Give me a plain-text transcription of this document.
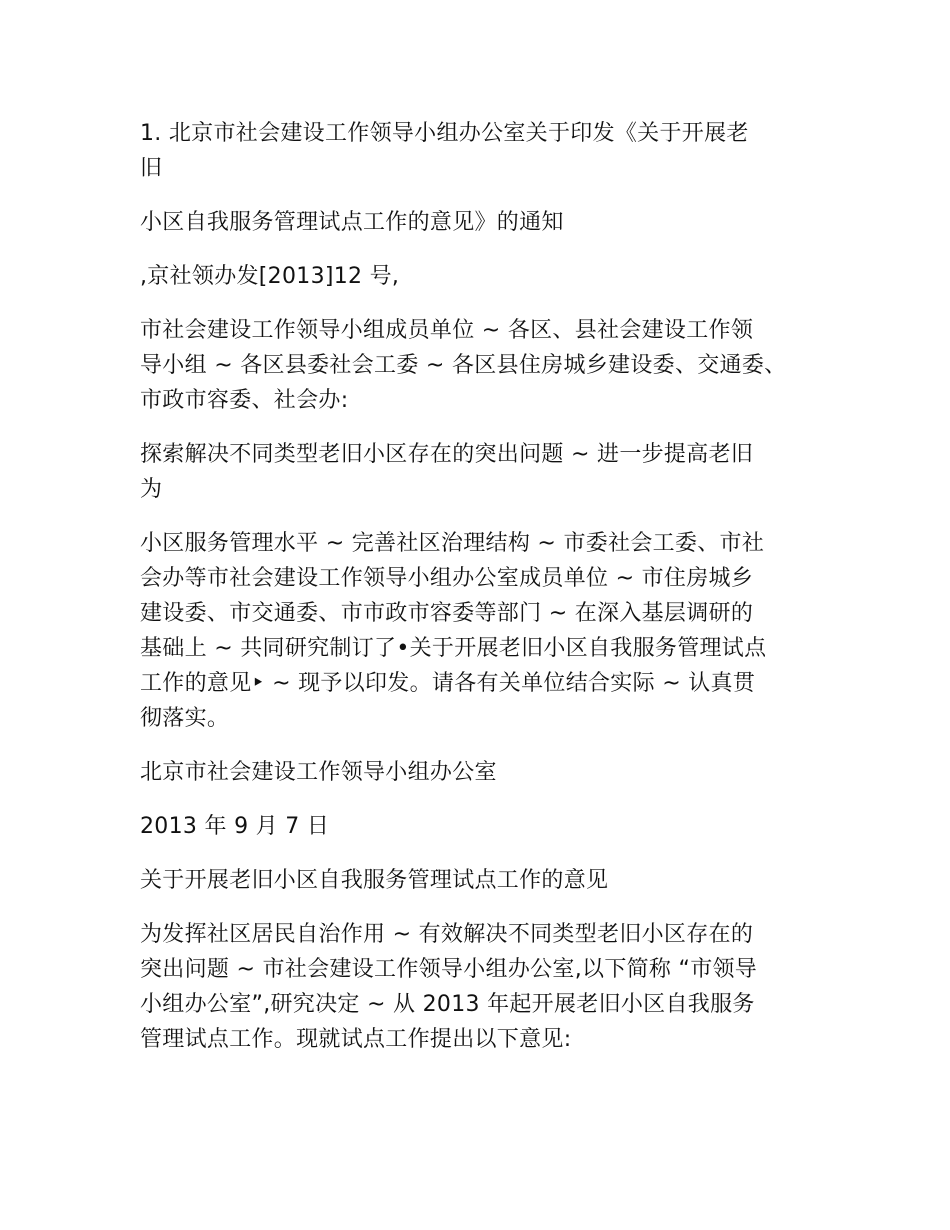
1. 北京市社会建设工作领导小组办公室关于印发《关于开展老
旧

小区自我服务管理试点工作的意见》的通知

,京社领办发[2013]12 号,

市社会建设工作领导小组成员单位 ~ 各区、县社会建设工作领
导小组 ~ 各区县委社会工委 ~ 各区县住房城乡建设委、交通委、
市政市容委、社会办:

探索解决不同类型老旧小区存在的突出问题 ~ 进一步提高老旧
为

小区服务管理水平 ~ 完善社区治理结构 ~ 市委社会工委、市社
会办等市社会建设工作领导小组办公室成员单位 ~ 市住房城乡
建设委、市交通委、市市政市容委等部门 ~ 在深入基层调研的
基础上 ~ 共同研究制订了•关于开展老旧小区自我服务管理试点
工作的意见‣ ~ 现予以印发。请各有关单位结合实际 ~ 认真贯
彻落实。

北京市社会建设工作领导小组办公室

2013 年 9 月 7 日

关于开展老旧小区自我服务管理试点工作的意见

为发挥社区居民自治作用 ~ 有效解决不同类型老旧小区存在的
突出问题 ~ 市社会建设工作领导小组办公室,以下简称 “市领导
小组办公室”,研究决定 ~ 从 2013 年起开展老旧小区自我服务
管理试点工作。现就试点工作提出以下意见:
